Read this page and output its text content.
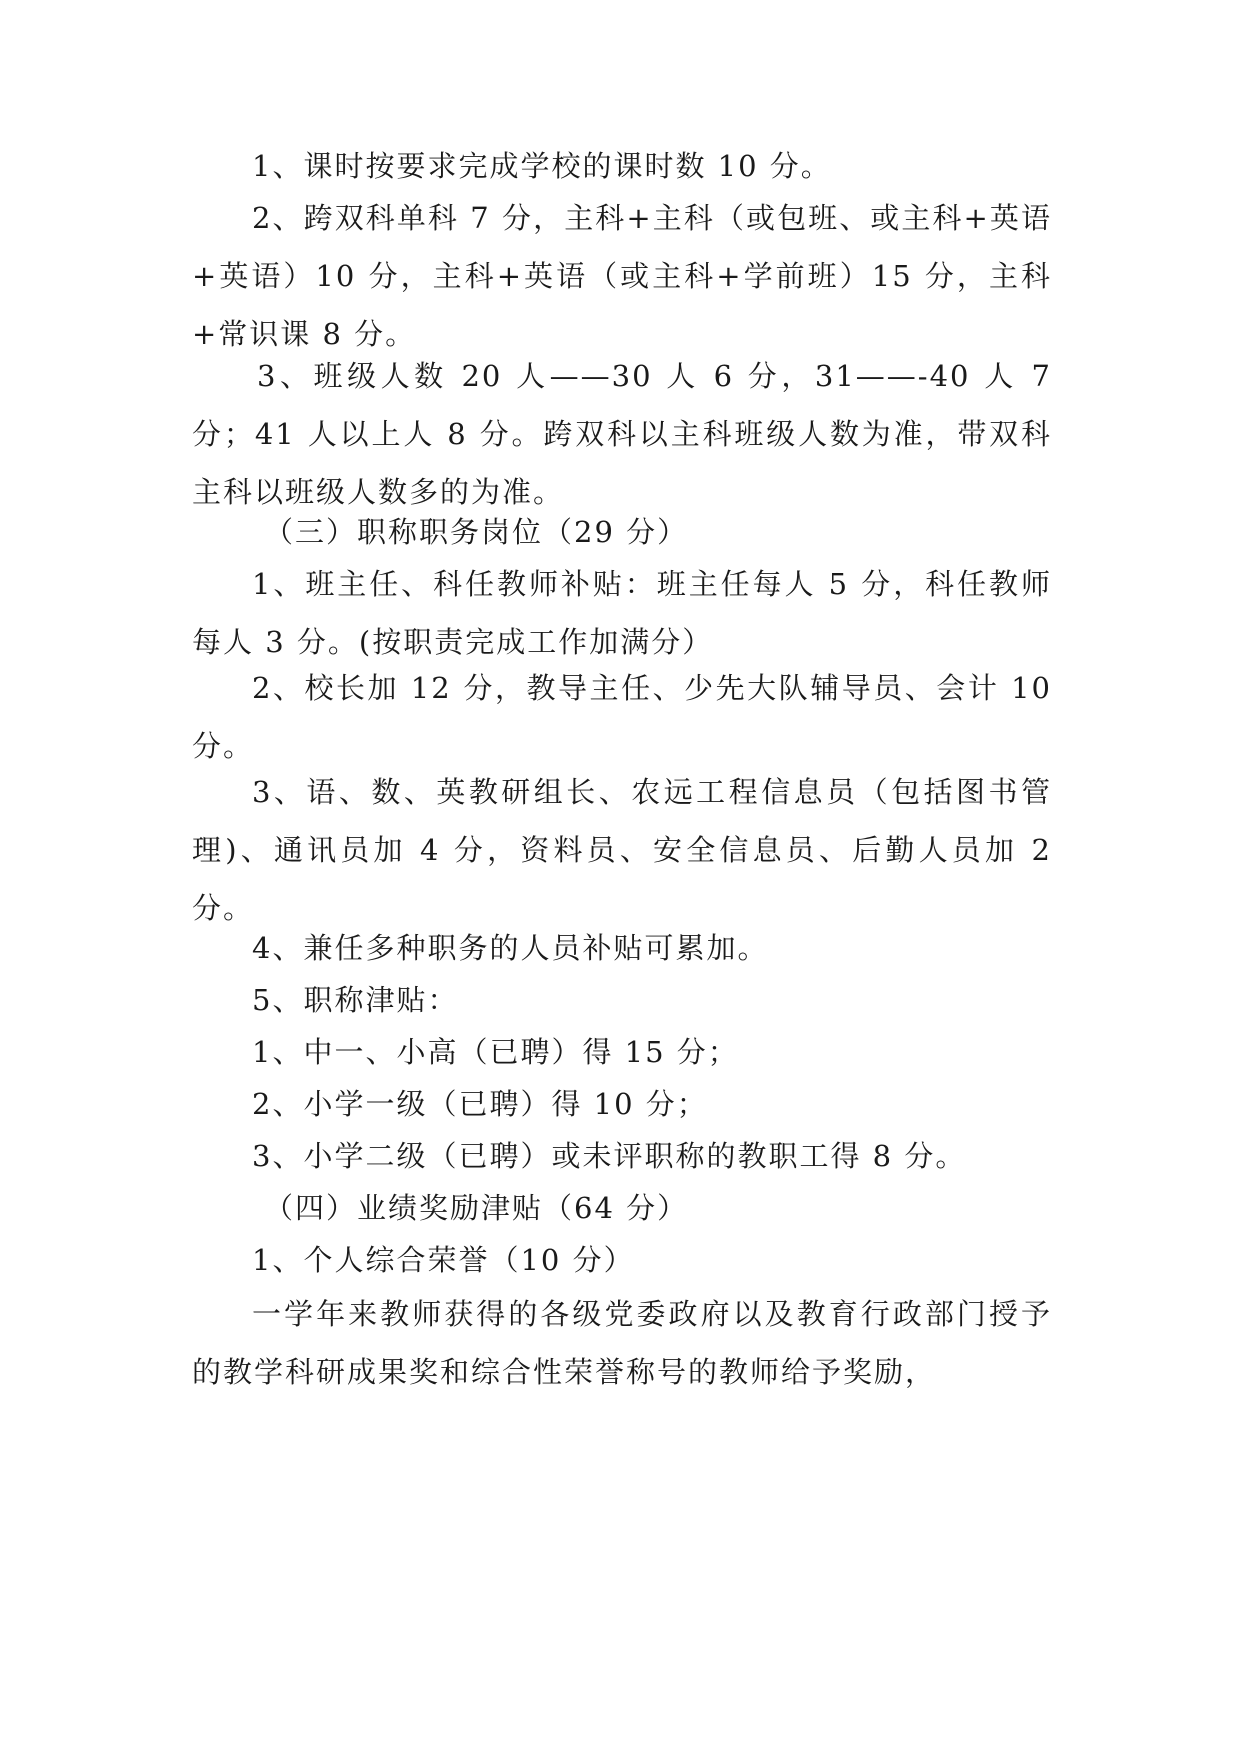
1、课时按要求完成学校的课时数 10 分。

2、跨双科单科 7 分，主科+主科（或包班、或主科+英语+英语）10 分，主科+英语（或主科+学前班）15 分，主科+常识课 8 分。

3、班级人数 20 人——30 人 6 分，31——-40 人 7 分；41 人以上人 8 分。跨双科以主科班级人数为准，带双科主科以班级人数多的为准。

（三）职称职务岗位（29 分）

1、班主任、科任教师补贴：班主任每人 5 分，科任教师每人 3 分。(按职责完成工作加满分）

2、校长加 12 分，教导主任、少先大队辅导员、会计 10 分。

3、语、数、英教研组长、农远工程信息员（包括图书管理)、通讯员加 4 分，资料员、安全信息员、后勤人员加 2 分。

4、兼任多种职务的人员补贴可累加。

5、职称津贴：

1、中一、小高（已聘）得 15 分；

2、小学一级（已聘）得 10 分；

3、小学二级（已聘）或未评职称的教职工得 8 分。

（四）业绩奖励津贴（64 分）

1、个人综合荣誉（10 分）

一学年来教师获得的各级党委政府以及教育行政部门授予的教学科研成果奖和综合性荣誉称号的教师给予奖励，
